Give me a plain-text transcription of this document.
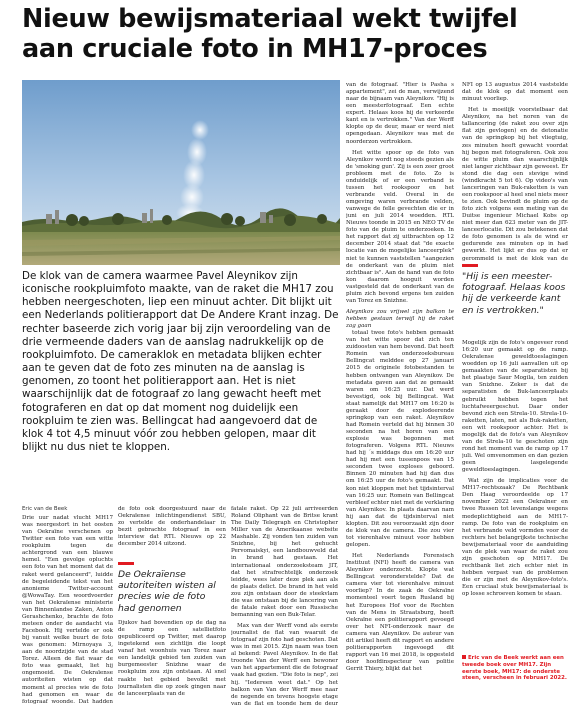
Nieuw bewijsmateriaal wekt twijfel aan cruciale foto in MH17-proces

De klok van de camera waarmee Pavel Aleynikov zijn iconische rookpluimfoto maakte, van de raket die MH17 zou hebben neergeschoten, liep een minuut achter. Dit blijkt uit een Nederlands politierapport dat De Andere Krant inzag. De rechter baseerde zich vorig jaar bij zijn veroordeling van de drie vermeende daders van de aanslag nadrukkelijk op de rookpluimfoto. De cameraklok en metadata blijken echter aan te geven dat de foto zes minuten na de aanslag is genomen, zo toont het politierapport aan. Het is niet waarschijnlijk dat de fotograaf zo lang gewacht heeft met fotograferen en dat op dat moment nog duidelijk een rookpluim te zien was. Bellingcat had aangevoerd dat de klok 4 tot 4,5 minuut vóór zou hebben gelopen, maar dit blijkt nu dus niet te kloppen.

Eric van de Beek

Drie uur nadat vlucht MH17 was neergestort in het oosten van Oekraïne verschenen op Twitter een foto van een witte rookpluim tegen de achtergrond van een blauwe hemel. "Een gevolge opluchts een foto van het moment dat de raket werd gelanceerd", luidde de begeleidende tekst van het anonieme Twitter-account @WowaTay. Een woordvoerder van het Oekraïense ministerie van Binnenlandse Zaken, Anton Gerashchenko, brachte de foto meteen onder de aandacht via Facebook. Hij vertelde er ook bij vanuit welke buurt de foto was genomen: Mirnoyaya 3, aan de noordzijde van de stad Torez. Alleen de flat waar de foto was gemaakt, liet hij ongemoeid. De Oekraïense autoriteiten wisten op dat moment al precies wie de foto had genomen en waar de fotograaf woonde. Dat hadden

de foto ook doorgestuurd naar de Oekraïense inlichtingendienst SBU, zo vertelde de onderhandelaar in bezit gebrachte fotograaf in een interview dat RTL Nieuws op 22 december 2014 uitzond.

De Oekraïense autoriteiten wisten al precies wie de foto had genomen

Djukov had bovendien op de dag na de ramp een satellietfoto gepubliceerd op Twitter, met daarop ingetekend een zichtlijn die loopt vanaf het woonhuis van Torez naar een landelijk gebied ten zuiden van burgemeester Snizhne waar de rookpluim zou zijn ontstaan. Al snel raakte het gebied bevolkt met journalisten die op zoek gingen naar de lanceerplaats van de

fatale raket. Op 22 juli arriveerden Roland Oliphant van de Britse krant The Daily Telegraph en Christopher Miller van de Amerikaanse website Mashable. Zij vonden ten zuiden van Snizhne, bij het gehucht Pervomaiskyi, een landbouwveld dat in brand had gestaan. Het internationaal onderzoeksteam JIT, dat het strafrechtelijk onderzoek leidde, wees later deze plek aan als de plaats delict. De brand in het veld zou zijn ontstaan door de steekvlam die was ontstaan bij de lancering van de fatale raket door een Russische bemanning van een Buk-Telar.

Max van der Werff vond als eerste journalist de flat van waaruit de fotograaf zijn foto had geschoten. Dat was in mei 2015. Zijn naam was toen al bekend: Pavel Aleynikov. In de flat troonde Van der Werff een bewoner van het appartement die de fotograaf vaak had gezien. "Die foto is nep", zei hij. "Iedereen weet dat." Op het balkon van Van der Werff mee naar de negende en tevens hoogste etage van de flat en toonde hem de deur

van de fotograaf. "Hier is Pasha s appartement", zei de man, verwijzend naar de bijnaam van Aleynikov. "Hij is een meesterfotograaf. Een echte expert. Helaas koos hij de verkeerde kant en is vertrokken." Van der Werff klopte op de deur, maar er werd niet opengedaan. Aleynikov was met de noorderzon vertrokken.

Het witte spoor op de foto van Aleynikov wordt nog steeds gezien als de 'smoking gun'. Zij is een zeer groot probleem met de foto. Zo is onduidelijk of er een verband is tussen het rookspoor en het verbrande veld. Overal in de omgeving waren verbrande velden, vanwege de felle gevechten die er in juni en juli 2014 woedden. RTL Nieuws toonde in 2015 en NEO TV de foto van de pluim te onderzoeken. In het rapport dat zij uitbrachten op 12 december 2014 staat dat "de exacte locatie van de mogelijke lanceerplek" niet te kunnen vaststellen "aangezien de onderkant van de pluim niet zichtbaar is". Aan de hand van de foto kon daarom hooguit worden vastgesteld dat de onderkant van de pluim zich bevond ergens ten zuiden van Torez en Snizhne.

Aleynikov zou vrijwel zijn balkon te hebben gestaan terwijl hij de raket zag gaan

totaal twee foto's hebben gemaakt van het witte spoor dat zich ten zuidoosten van hem bevond. Dat heeft Romein van onderzoeksbureau Bellingcat melddee op 27 januari 2015 de originele fotobestanden te hebben ontvangen van Aleynikov. De metadata gaven aan dat ze gemaakt waren om 16:25 uur. Dat werd bevestigd, ook bij Bellingcat. Wat staat namelijk dat MH17 om 16:20 is geraakt door de explodeerende springkop van een raket. Aleynikov had Romein verteld dat hij binnen 30 seconden na het horen van een explosie was begonnen met fotograferen. Volgens RTL Nieuws had hij ´s middags dus om 16:20 uur had hij met een tussenpoos van 15 seconden twee exploses geboord. Binnen 20 minuten had hij dan dus om 16:25 uur de foto's gemaakt. Dat kon niet kloppen met het tijdsinterval van 16:25 uur. Romein van Bellingcat verbleef echter niet met de verklaring van Aleynikov. In plaats daarvan nam hij aan dat de tijdsinterval niet klopten. Dit zou veroorzaakt zijn door de klok van de camera. Die zou vier tot vierenhalve minuut voor hebben gelopen.

Het Nederlands Forensisch Instituut (NFI) heeft de camera van Aleynikov onderzocht. Klopte wat Bellingcat veronderstelde? Dat de camera vier tot vierenhalve minuut voorliep? In de zaak de Oekraïne momenteel voert tegen Rusland bij het Europees Hof voor de Rechten van de Mens in Straatsburg, heeft Oekraïne een politierapport gevoegd over het NFI-onderzoek naar de camera van Aleynikov. De auteur van dit artikel heeft dit rapport en andere politierapporten ingevoegd dit rapport van 16 mei 2018, is opgesteld door hoofdinspecteur van politie Gerrit Thiery, blijkt dat het

NFI op 13 augustus 2014 vaststelde dat de klok op dat moment een minuut voorliep.

Het is moeilijk voorstelbaar dat Aleynikov, na het noren van de tallancering (de raket zou over zijn flat zijn gevlogen) en de detonatie van de springkop bij het vliegtuig, zes minuten heeft gewacht voordat hij begon met fotograferen. Ook zou de witte pluim dan waarschijnlijk niet langer zichtbaar zijn geweest. Er stond die dag een stevige wind (windkracht 5 tot 6). Op video's van lanceringen van Buk-raketten is van een rookspoor al heel snel niets meer te zien. Ook bevindt de pluim op de foto zich volgens een meting van de Duitse ingenieur Michael Kobs op niet meer dan 623 meter van de JIT-lanceerlocatie. Dit zou betekenen dat de foto genomen is als de wind er gedurende zes minuten op in had gewerkt. Het lijkt er dus op dat er gerommeld is met de klok van de

"Hij is een meester-fotograaf. Helaas koos hij de verkeerde kant en is vertrokken."

Mogelijk zijn de foto's ongeveer rond 16:20 uur gemaakt op de ramp. Oekraïense geweldtoeslagingen woedden op 16 juli aanvallen uit op gemaakten van de separatisten bij het plaatsje Saur Mogila, ten zuiden van Snizhne. Zeker is dat de separatisten de Buk-lanceerplaats gebruikt hebben tegen het luchtafweergeschut. Daar onder bevond zich een Strela-10. Strela-10-raketten, laten, net als Buk-raketten, een wit rookspoor achter. Het is mogelijk dat de foto's van Aleynikov van de Strela-10 te geschoten zijn rond het moment van de ramp op 17 juli. Wel omvenommen en dan gezien geen lasgelegende geweldtoeslagingen.

Wat zijn de implicaties voor de MH17-rechtszaak? De Rechtbank Den Haag veroordeelde op 17 november 2022 een Oekraïner en twee Russen tot levenslange wegens medeplichtigheid aan de MH17-ramp. De foto van de rookpluim en het verbrande veld vormden voor de rechters het belangrijkste technische bewijsmateriaal voor de aanduiding van de plek van waar de raket zou zijn geschoten op MH17. De rechtbank liet zich echter niet in hebben verpast van de problemen die er zijn met de Aleynikov-foto's. Een cruciaal stuk bewijsmateriaal is op losse schroeven komen te staan.

Eric van de Beek werkt aan een tweede boek over MH17. Zijn eerste boek, MH17: de onderste steen, verscheen in februari 2022.
